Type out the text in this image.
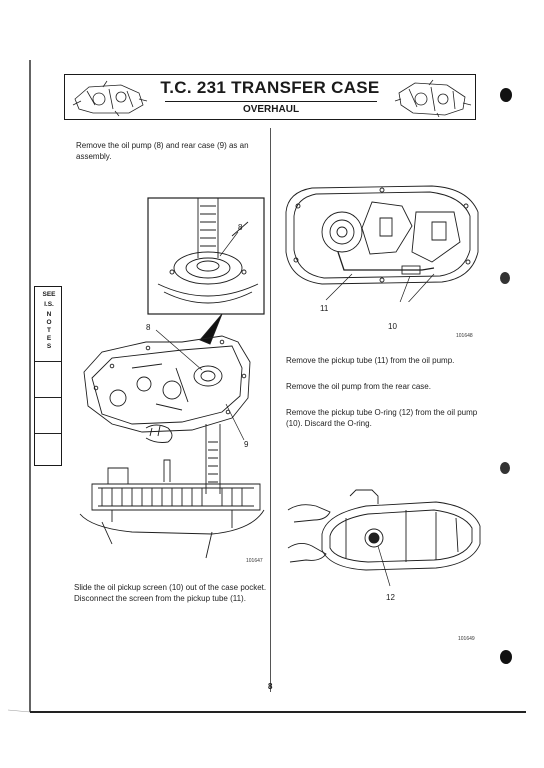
T.C. 231 TRANSFER CASE
OVERHAUL
SEE
I.S.
N
O
T
E
S
Remove the oil pump (8) and rear case (9) as an assembly.
8
8
9
101647
Slide the oil pickup screen (10) out of the case pocket. Disconnect the screen from the pickup tube (11).
11
10
101648
Remove the pickup tube (11) from the oil pump.
Remove the oil pump from the rear case.
Remove the pickup tube O-ring (12) from the oil pump (10). Discard the O-ring.
12
101649
8
